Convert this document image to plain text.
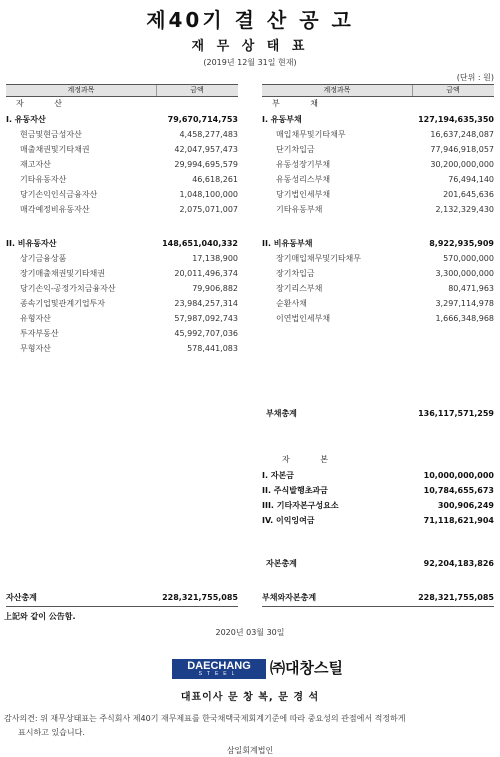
제40기 결 산 공 고
재 무 상 태 표
(2019년 12월 31일 현재)
(단위 : 원)
계정과목	금액
자 산
I. 유동자산	79,670,714,753
현금및현금성자산	4,458,277,483
매출채권및기타채권	42,047,957,473
재고자산	29,994,695,579
기타유동자산	46,618,261
당기손익인식금융자산	1,048,100,000
매각예정비유동자산	2,075,071,007
II. 비유동자산	148,651,040,332
상기금융상품	17,138,900
장기매출채권및기타채권	20,011,496,374
당기손익-공정가치금융자산	79,906,882
종속기업및관계기업투자	23,984,257,314
유형자산	57,987,092,743
투자부동산	45,992,707,036
무형자산	578,441,083
자산총계	228,321,755,085
계정과목	금액
부 채
I. 유동부채	127,194,635,350
매입채무및기타채무	16,637,248,087
단기차입금	77,946,918,057
유동성장기부채	30,200,000,000
유동성리스부채	76,494,140
당기법인세부채	201,645,636
기타유동부채	2,132,329,430
II. 비유동부채	8,922,935,909
장기매입채무및기타채무	570,000,000
장기차입금	3,300,000,000
장기리스부채	80,471,963
순환사채	3,297,114,978
이연법인세부채	1,666,348,968
부채총계	136,117,571,259
자 본
I. 자본금	10,000,000,000
II. 주식발행초과금	10,784,655,673
III. 기타자본구성요소	300,906,249
IV. 이익잉여금	71,118,621,904
자본총계	92,204,183,826
부채와자본총계	228,321,755,085
上記와 같이 公告함.
2020년 03월 30일
DAECHANG
STEEL	㈜대창스틸
대표이사 문 창 복, 문 경 석
감사의견: 위 재무상태표는 주식회사 제40기 재무제표를 한국채택국제회계기준에 따라 중요성의 관점에서 적정하게
표시하고 있습니다.
삼일회계법인
